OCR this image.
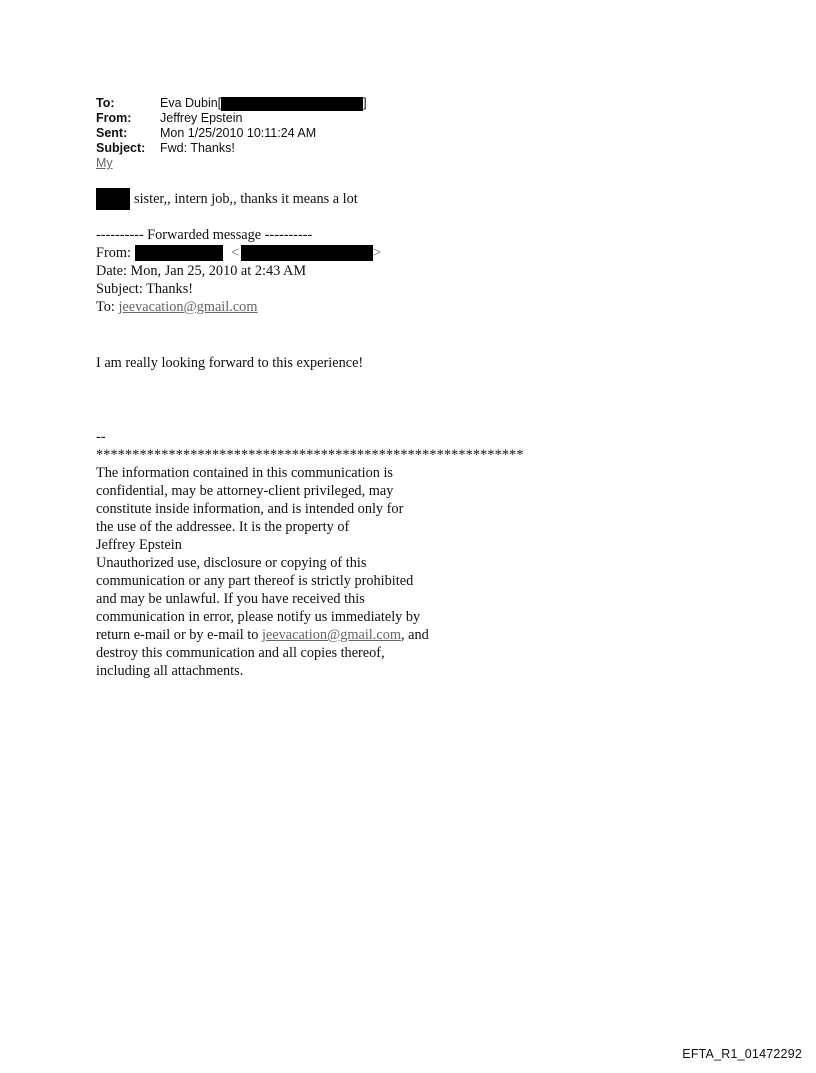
To:	Eva Dubin[	]
From:	Jeffrey Epstein
Sent:	Mon 1/25/2010 10:11:24 AM
Subject:	Fwd: Thanks!
My
sister,, intern job,, thanks it means a lot
---------- Forwarded message ----------
From:	<	>
Date: Mon, Jan 25, 2010 at 2:43 AM
Subject: Thanks!
To: jeevacation@gmail.com
I am really looking forward to this experience!
--
***********************************************************
The information contained in this communication is
confidential, may be attorney-client privileged, may
constitute inside information, and is intended only for
the use of the addressee. It is the property of
Jeffrey Epstein
Unauthorized use, disclosure or copying of this
communication or any part thereof is strictly prohibited
and may be unlawful. If you have received this
communication in error, please notify us immediately by
return e-mail or by e-mail to jeevacation@gmail.com, and
destroy this communication and all copies thereof,
including all attachments.
EFTA_R1_01472292
